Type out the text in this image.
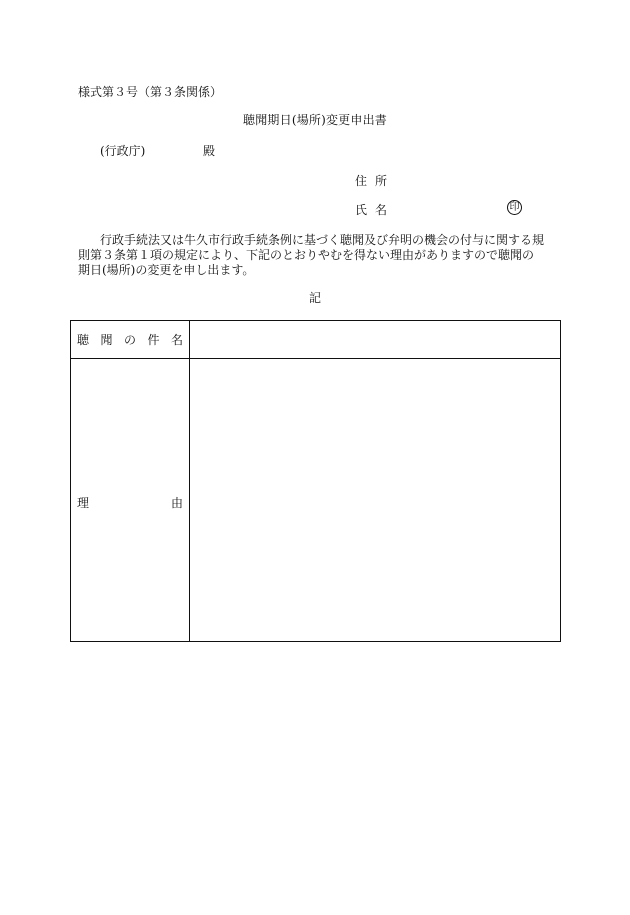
様式第３号（第３条関係）
聴聞期日(場所)変更申出書
(行政庁)	殿
住所
氏名	印
行政手続法又は牛久市行政手続条例に基づく聴聞及び弁明の機会の付与に関する規
則第３条第１項の規定により、下記のとおりやむを得ない理由がありますので聴聞の
期日(場所)の変更を申し出ます。
記
聴 聞 の 件 名
理	由
